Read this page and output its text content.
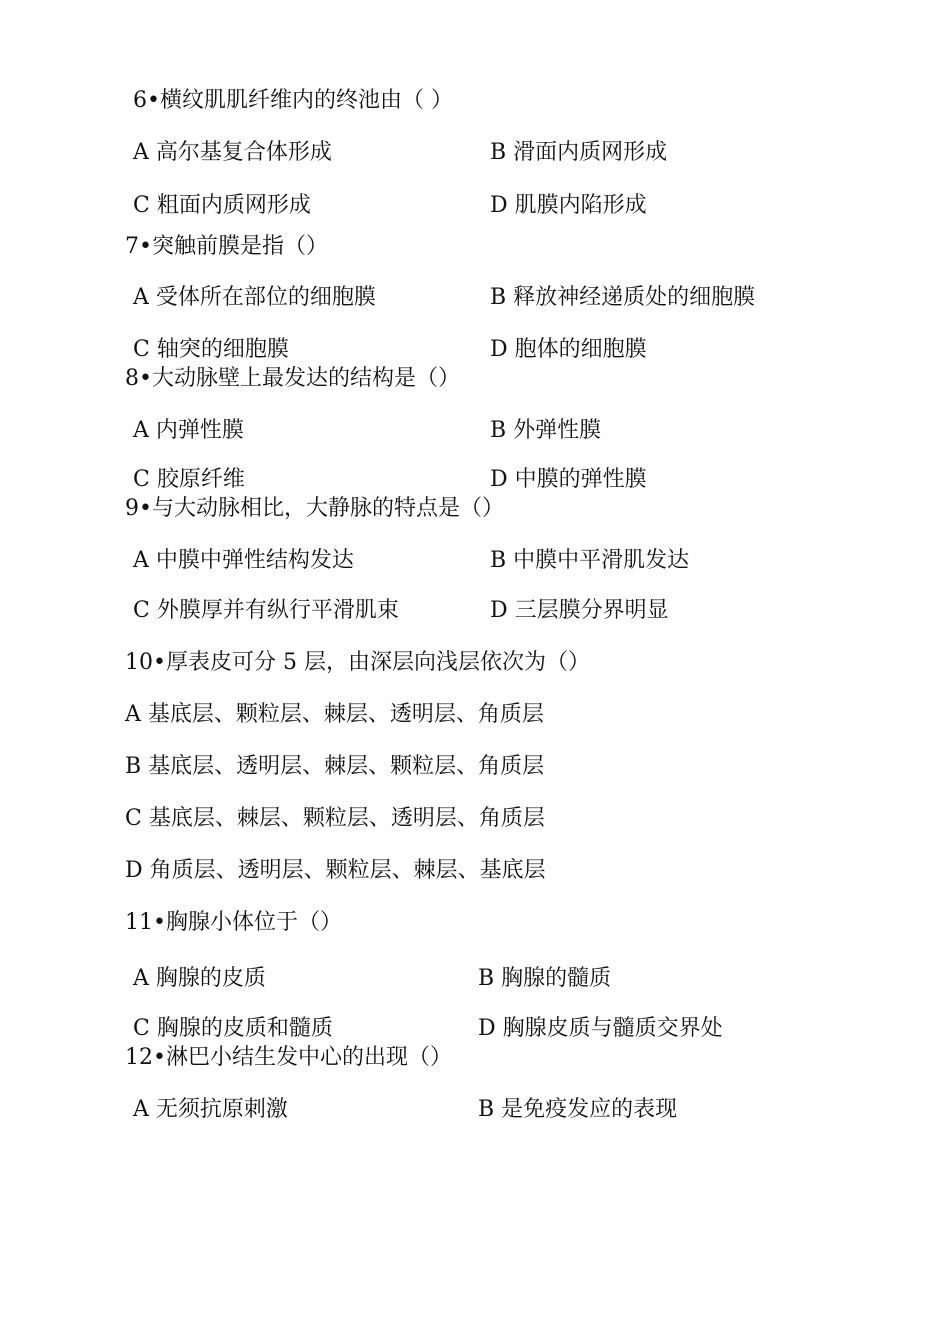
6•横纹肌肌纤维内的终池由（ ）
A 高尔基复合体形成	B 滑面内质网形成
C 粗面内质网形成	D 肌膜内陷形成
7•突触前膜是指（）
A 受体所在部位的细胞膜	B 释放神经递质处的细胞膜
C 轴突的细胞膜	D 胞体的细胞膜
8•大动脉壁上最发达的结构是（）
A 内弹性膜	B 外弹性膜
C 胶原纤维	D 中膜的弹性膜
9•与大动脉相比，大静脉的特点是（）
A 中膜中弹性结构发达	B 中膜中平滑肌发达
C 外膜厚并有纵行平滑肌束	D 三层膜分界明显
10•厚表皮可分 5 层，由深层向浅层依次为（）
A 基底层、颗粒层、棘层、透明层、角质层
B 基底层、透明层、棘层、颗粒层、角质层
C 基底层、棘层、颗粒层、透明层、角质层
D 角质层、透明层、颗粒层、棘层、基底层
11•胸腺小体位于（）
A 胸腺的皮质	B 胸腺的髓质
C 胸腺的皮质和髓质	D 胸腺皮质与髓质交界处
12•淋巴小结生发中心的出现（）
A 无须抗原刺激	B 是免疫发应的表现
